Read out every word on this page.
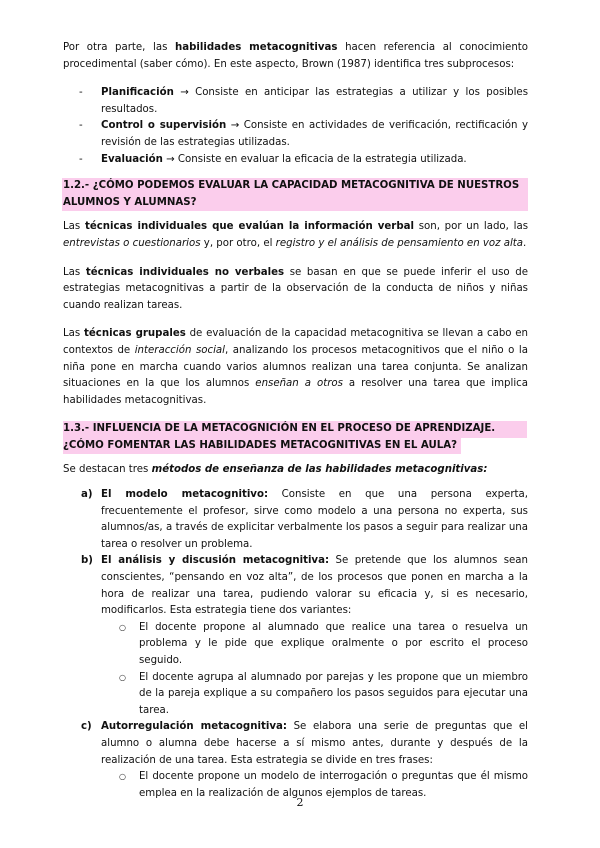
Por otra parte, las habilidades metacognitivas hacen referencia al conocimiento procedimental (saber cómo). En este aspecto, Brown (1987) identifica tres subprocesos:

- Planificación → Consiste en anticipar las estrategias a utilizar y los posibles resultados.
- Control o supervisión → Consiste en actividades de verificación, rectificación y revisión de las estrategias utilizadas.
- Evaluación → Consiste en evaluar la eficacia de la estrategia utilizada.
1.2.- ¿CÓMO PODEMOS EVALUAR LA CAPACIDAD METACOGNITIVA DE NUESTROS
ALUMNOS Y ALUMNAS?

Las técnicas individuales que evalúan la información verbal son, por un lado, las entrevistas o cuestionarios y, por otro, el registro y el análisis de pensamiento en voz alta.

Las técnicas individuales no verbales se basan en que se puede inferir el uso de estrategias metacognitivas a partir de la observación de la conducta de niños y niñas cuando realizan tareas.

Las técnicas grupales de evaluación de la capacidad metacognitiva se llevan a cabo en contextos de interacción social, analizando los procesos metacognitivos que el niño o la niña pone en marcha cuando varios alumnos realizan una tarea conjunta. Se analizan situaciones en la que los alumnos enseñan a otros a resolver una tarea que implica habilidades metacognitivas.

1.3.- INFLUENCIA DE LA METACOGNICIÓN EN EL PROCESO DE APRENDIZAJE.
¿CÓMO FOMENTAR LAS HABILIDADES METACOGNITIVAS EN EL AULA?

Se destacan tres métodos de enseñanza de las habilidades metacognitivas:

a) El modelo metacognitivo: Consiste en que una persona experta, frecuentemente el profesor, sirve como modelo a una persona no experta, sus alumnos/as, a través de explicitar verbalmente los pasos a seguir para realizar una tarea o resolver un problema.
b) El análisis y discusión metacognitiva: Se pretende que los alumnos sean conscientes, “pensando en voz alta”, de los procesos que ponen en marcha a la hora de realizar una tarea, pudiendo valorar su eficacia y, si es necesario, modificarlos. Esta estrategia tiene dos variantes:
○ El docente propone al alumnado que realice una tarea o resuelva un problema y le pide que explique oralmente o por escrito el proceso seguido.
○ El docente agrupa al alumnado por parejas y les propone que un miembro de la pareja explique a su compañero los pasos seguidos para ejecutar una tarea.
c) Autorregulación metacognitiva: Se elabora una serie de preguntas que el alumno o alumna debe hacerse a sí mismo antes, durante y después de la realización de una tarea. Esta estrategia se divide en tres frases:
○ El docente propone un modelo de interrogación o preguntas que él mismo emplea en la realización de algunos ejemplos de tareas.
2
